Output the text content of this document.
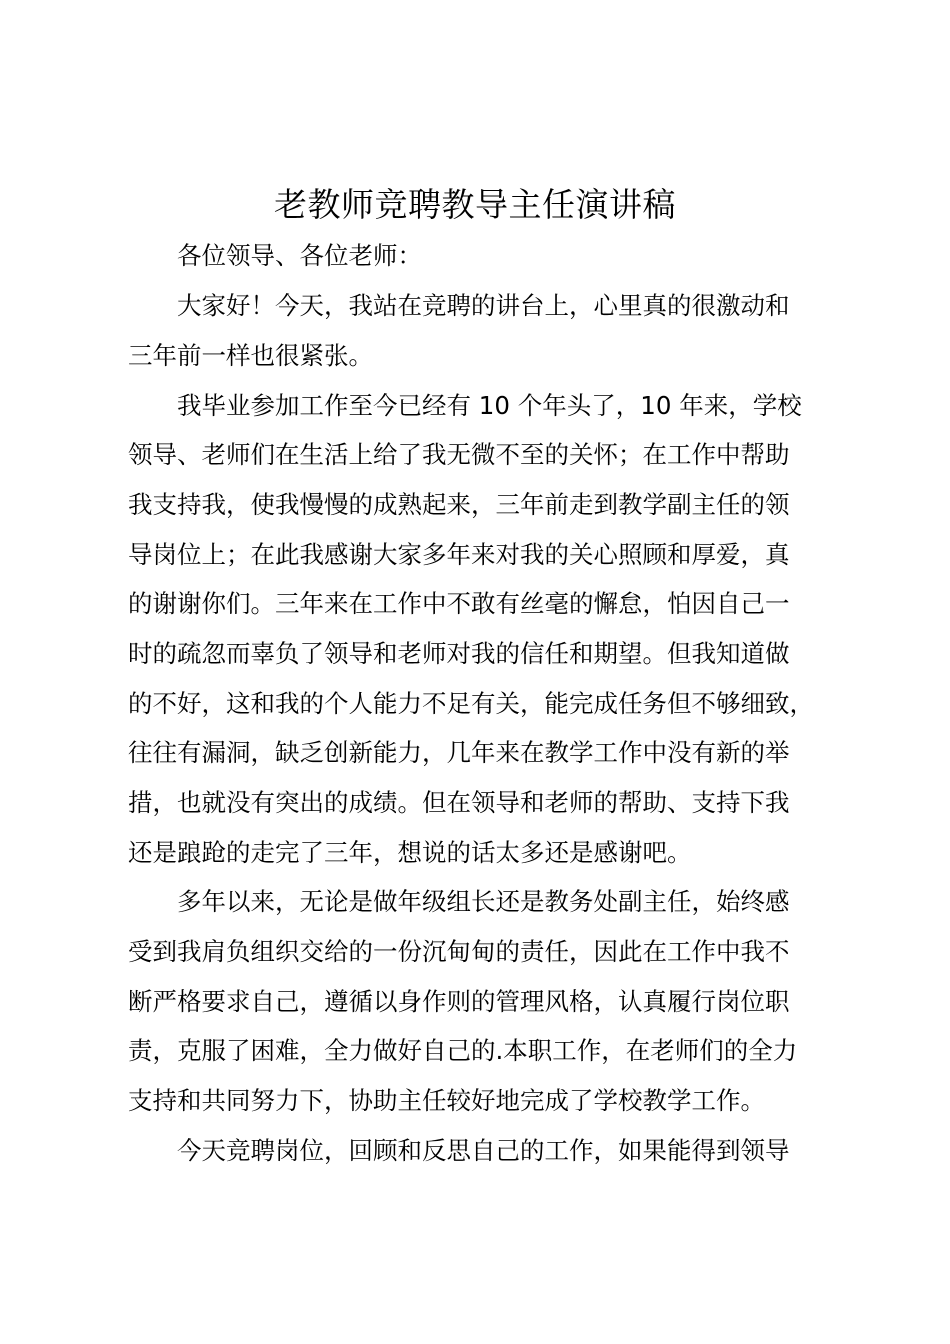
老教师竞聘教导主任演讲稿

各位领导、各位老师：

大家好！今天，我站在竞聘的讲台上，心里真的很激动和

三年前一样也很紧张。

我毕业参加工作至今已经有 10 个年头了，10 年来，学校

领导、老师们在生活上给了我无微不至的关怀；在工作中帮助

我支持我，使我慢慢的成熟起来，三年前走到教学副主任的领

导岗位上；在此我感谢大家多年来对我的关心照顾和厚爱，真

的谢谢你们。三年来在工作中不敢有丝毫的懈怠，怕因自己一

时的疏忽而辜负了领导和老师对我的信任和期望。但我知道做

的不好，这和我的个人能力不足有关，能完成任务但不够细致，

往往有漏洞，缺乏创新能力，几年来在教学工作中没有新的举

措，也就没有突出的成绩。但在领导和老师的帮助、支持下我

还是踉跄的走完了三年，想说的话太多还是感谢吧。

多年以来，无论是做年级组长还是教务处副主任，始终感

受到我肩负组织交给的一份沉甸甸的责任，因此在工作中我不

断严格要求自己，遵循以身作则的管理风格，认真履行岗位职

责，克服了困难，全力做好自己的.本职工作，在老师们的全力

支持和共同努力下，协助主任较好地完成了学校教学工作。

今天竞聘岗位，回顾和反思自己的工作，如果能得到领导
